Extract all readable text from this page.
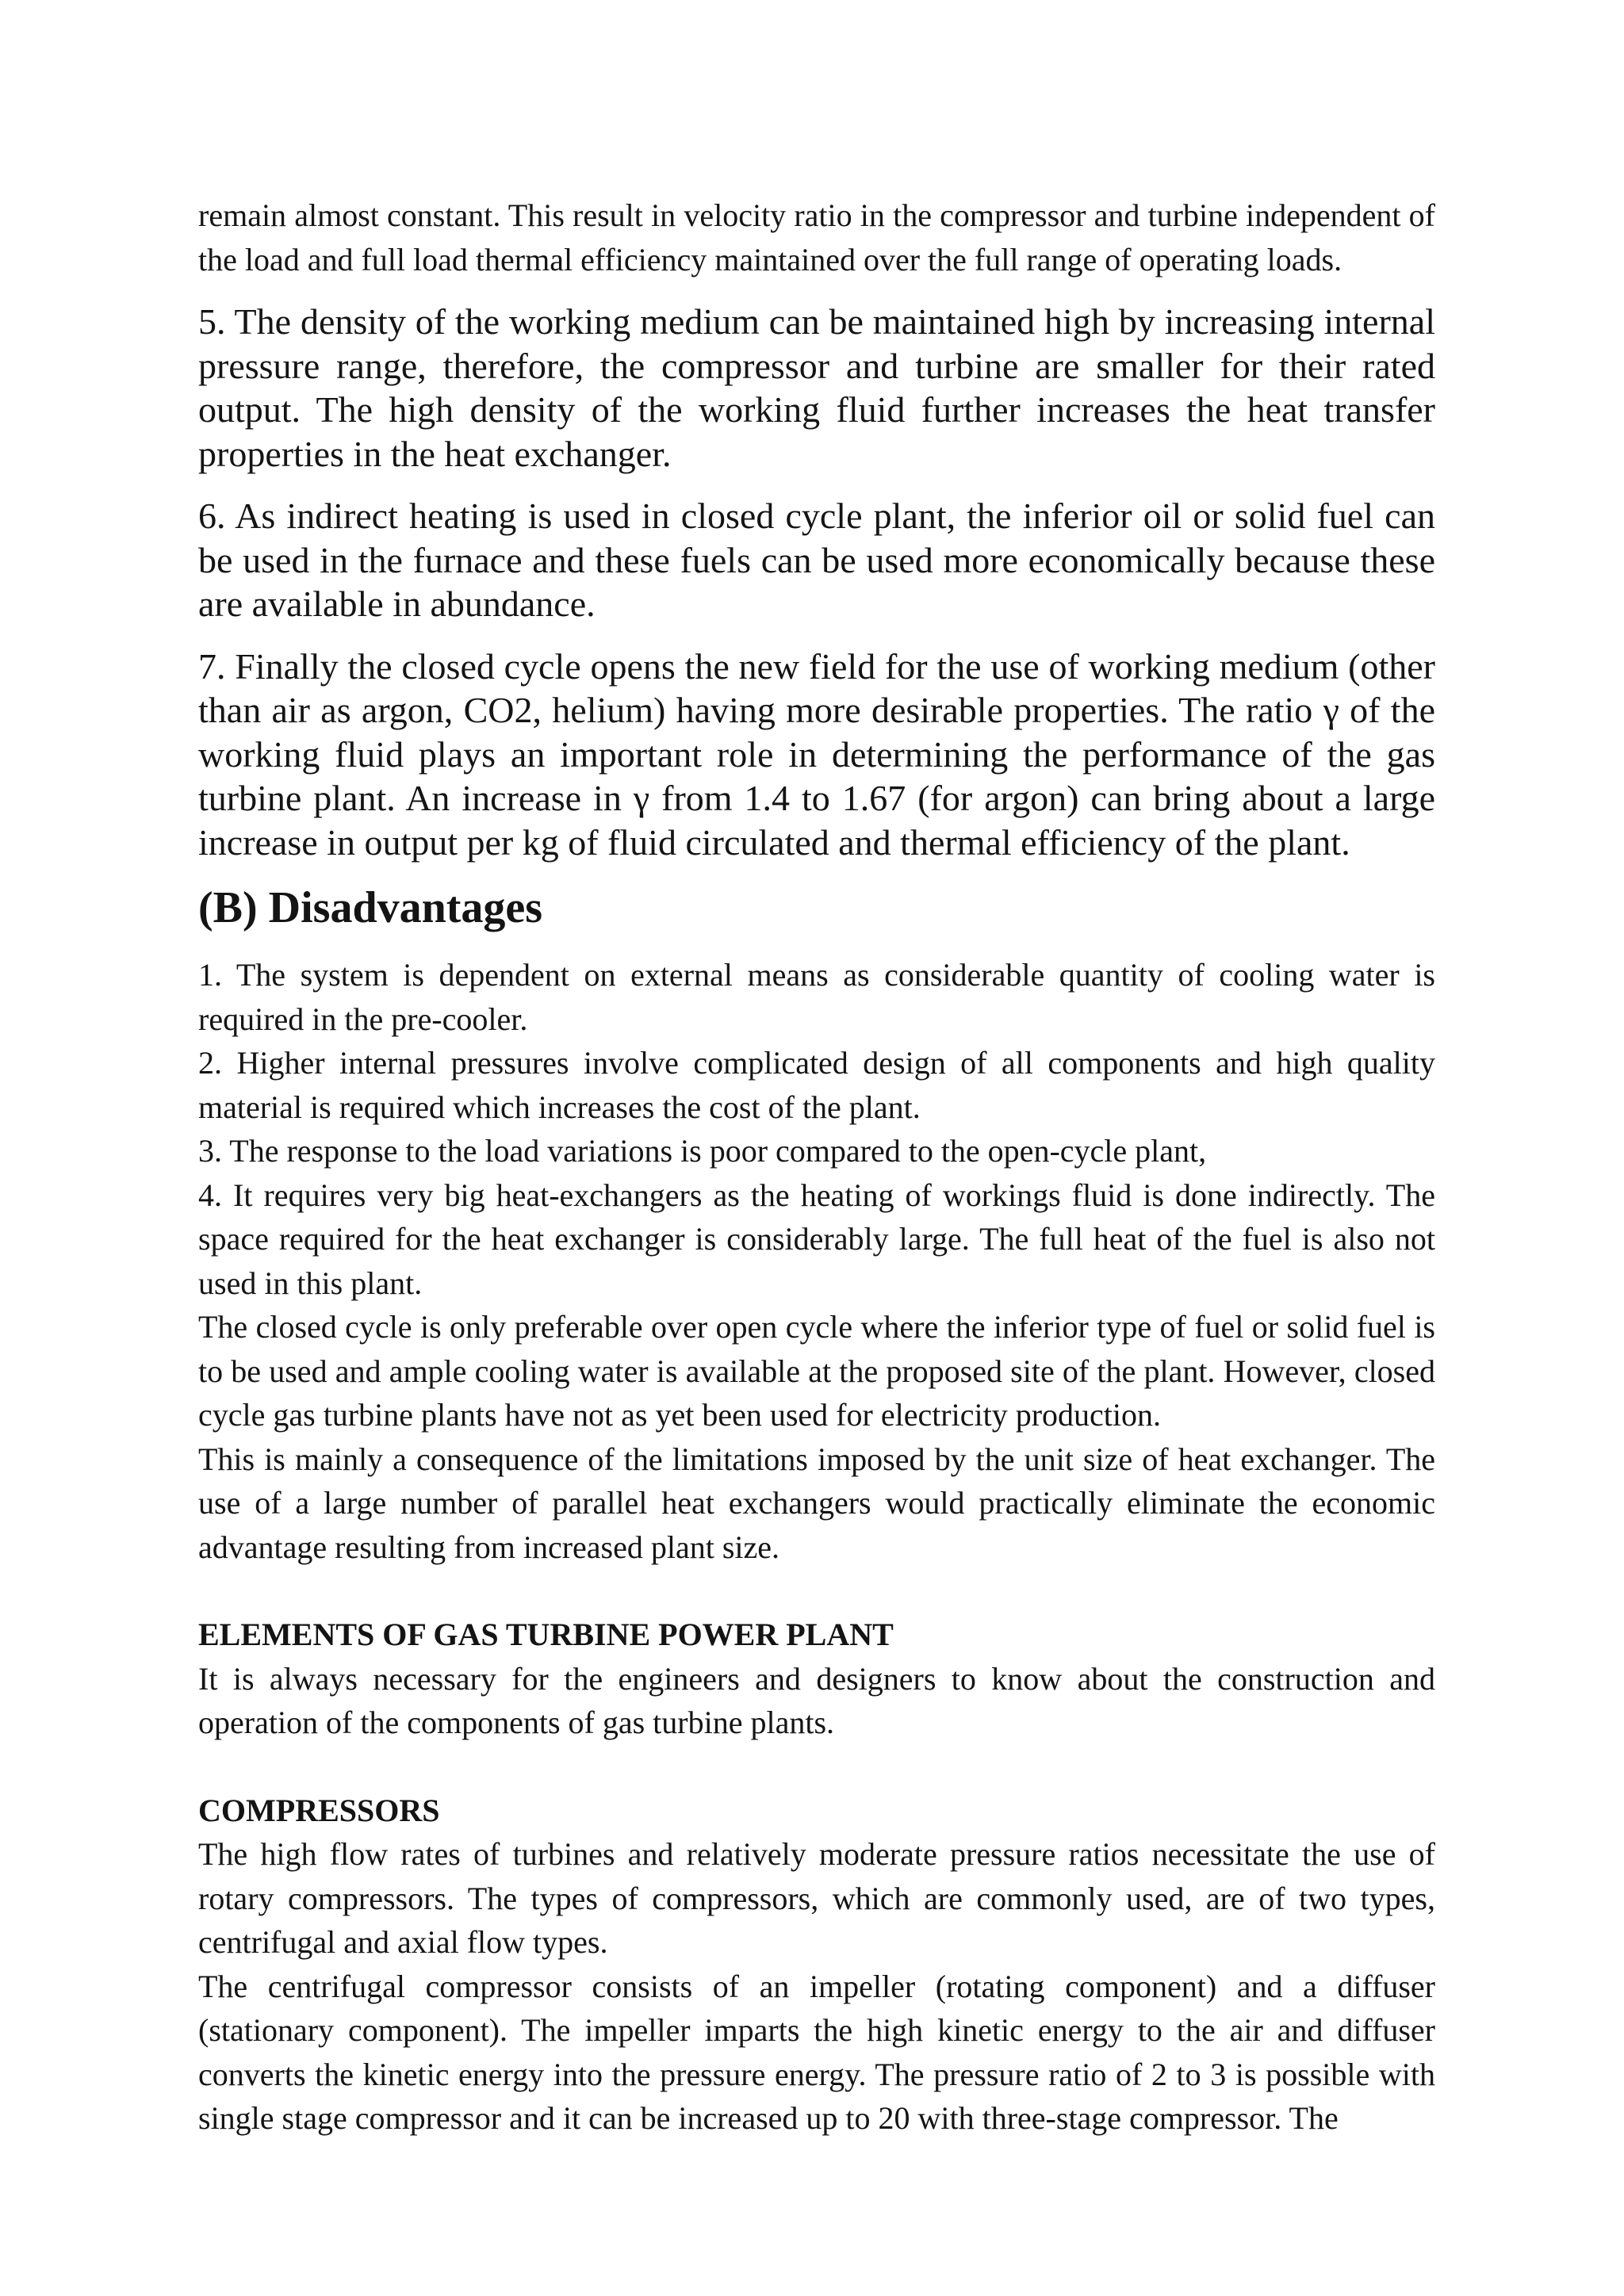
remain almost constant. This result in velocity ratio in the compressor and turbine independent of the load and full load thermal efficiency maintained over the full range of operating loads.

5. The density of the working medium can be maintained high by increasing internal pressure range, therefore, the compressor and turbine are smaller for their rated output. The high density of the working fluid further increases the heat transfer properties in the heat exchanger.

6. As indirect heating is used in closed cycle plant, the inferior oil or solid fuel can be used in the furnace and these fuels can be used more economically because these are available in abundance.

7. Finally the closed cycle opens the new field for the use of working medium (other than air as argon, CO2, helium) having more desirable properties. The ratio γ of the working fluid plays an important role in determining the performance of the gas turbine plant. An increase in γ from 1.4 to 1.67 (for argon) can bring about a large increase in output per kg of fluid circulated and thermal efficiency of the plant.

(B) Disadvantages

1. The system is dependent on external means as considerable quantity of cooling water is required in the pre-cooler.

2. Higher internal pressures involve complicated design of all components and high quality material is required which increases the cost of the plant.

3. The response to the load variations is poor compared to the open-cycle plant,

4. It requires very big heat-exchangers as the heating of workings fluid is done indirectly. The space required for the heat exchanger is considerably large. The full heat of the fuel is also not used in this plant.

The closed cycle is only preferable over open cycle where the inferior type of fuel or solid fuel is to be used and ample cooling water is available at the proposed site of the plant. However, closed cycle gas turbine plants have not as yet been used for electricity production.

This is mainly a consequence of the limitations imposed by the unit size of heat exchanger. The use of a large number of parallel heat exchangers would practically eliminate the economic advantage resulting from increased plant size.

ELEMENTS OF GAS TURBINE POWER PLANT

It is always necessary for the engineers and designers to know about the construction and operation of the components of gas turbine plants.

COMPRESSORS

The high flow rates of turbines and relatively moderate pressure ratios necessitate the use of rotary compressors. The types of compressors, which are commonly used, are of two types, centrifugal and axial flow types.

The centrifugal compressor consists of an impeller (rotating component) and a diffuser (stationary component). The impeller imparts the high kinetic energy to the air and diffuser converts the kinetic energy into the pressure energy. The pressure ratio of 2 to 3 is possible with single stage compressor and it can be increased up to 20 with three-stage compressor. The
